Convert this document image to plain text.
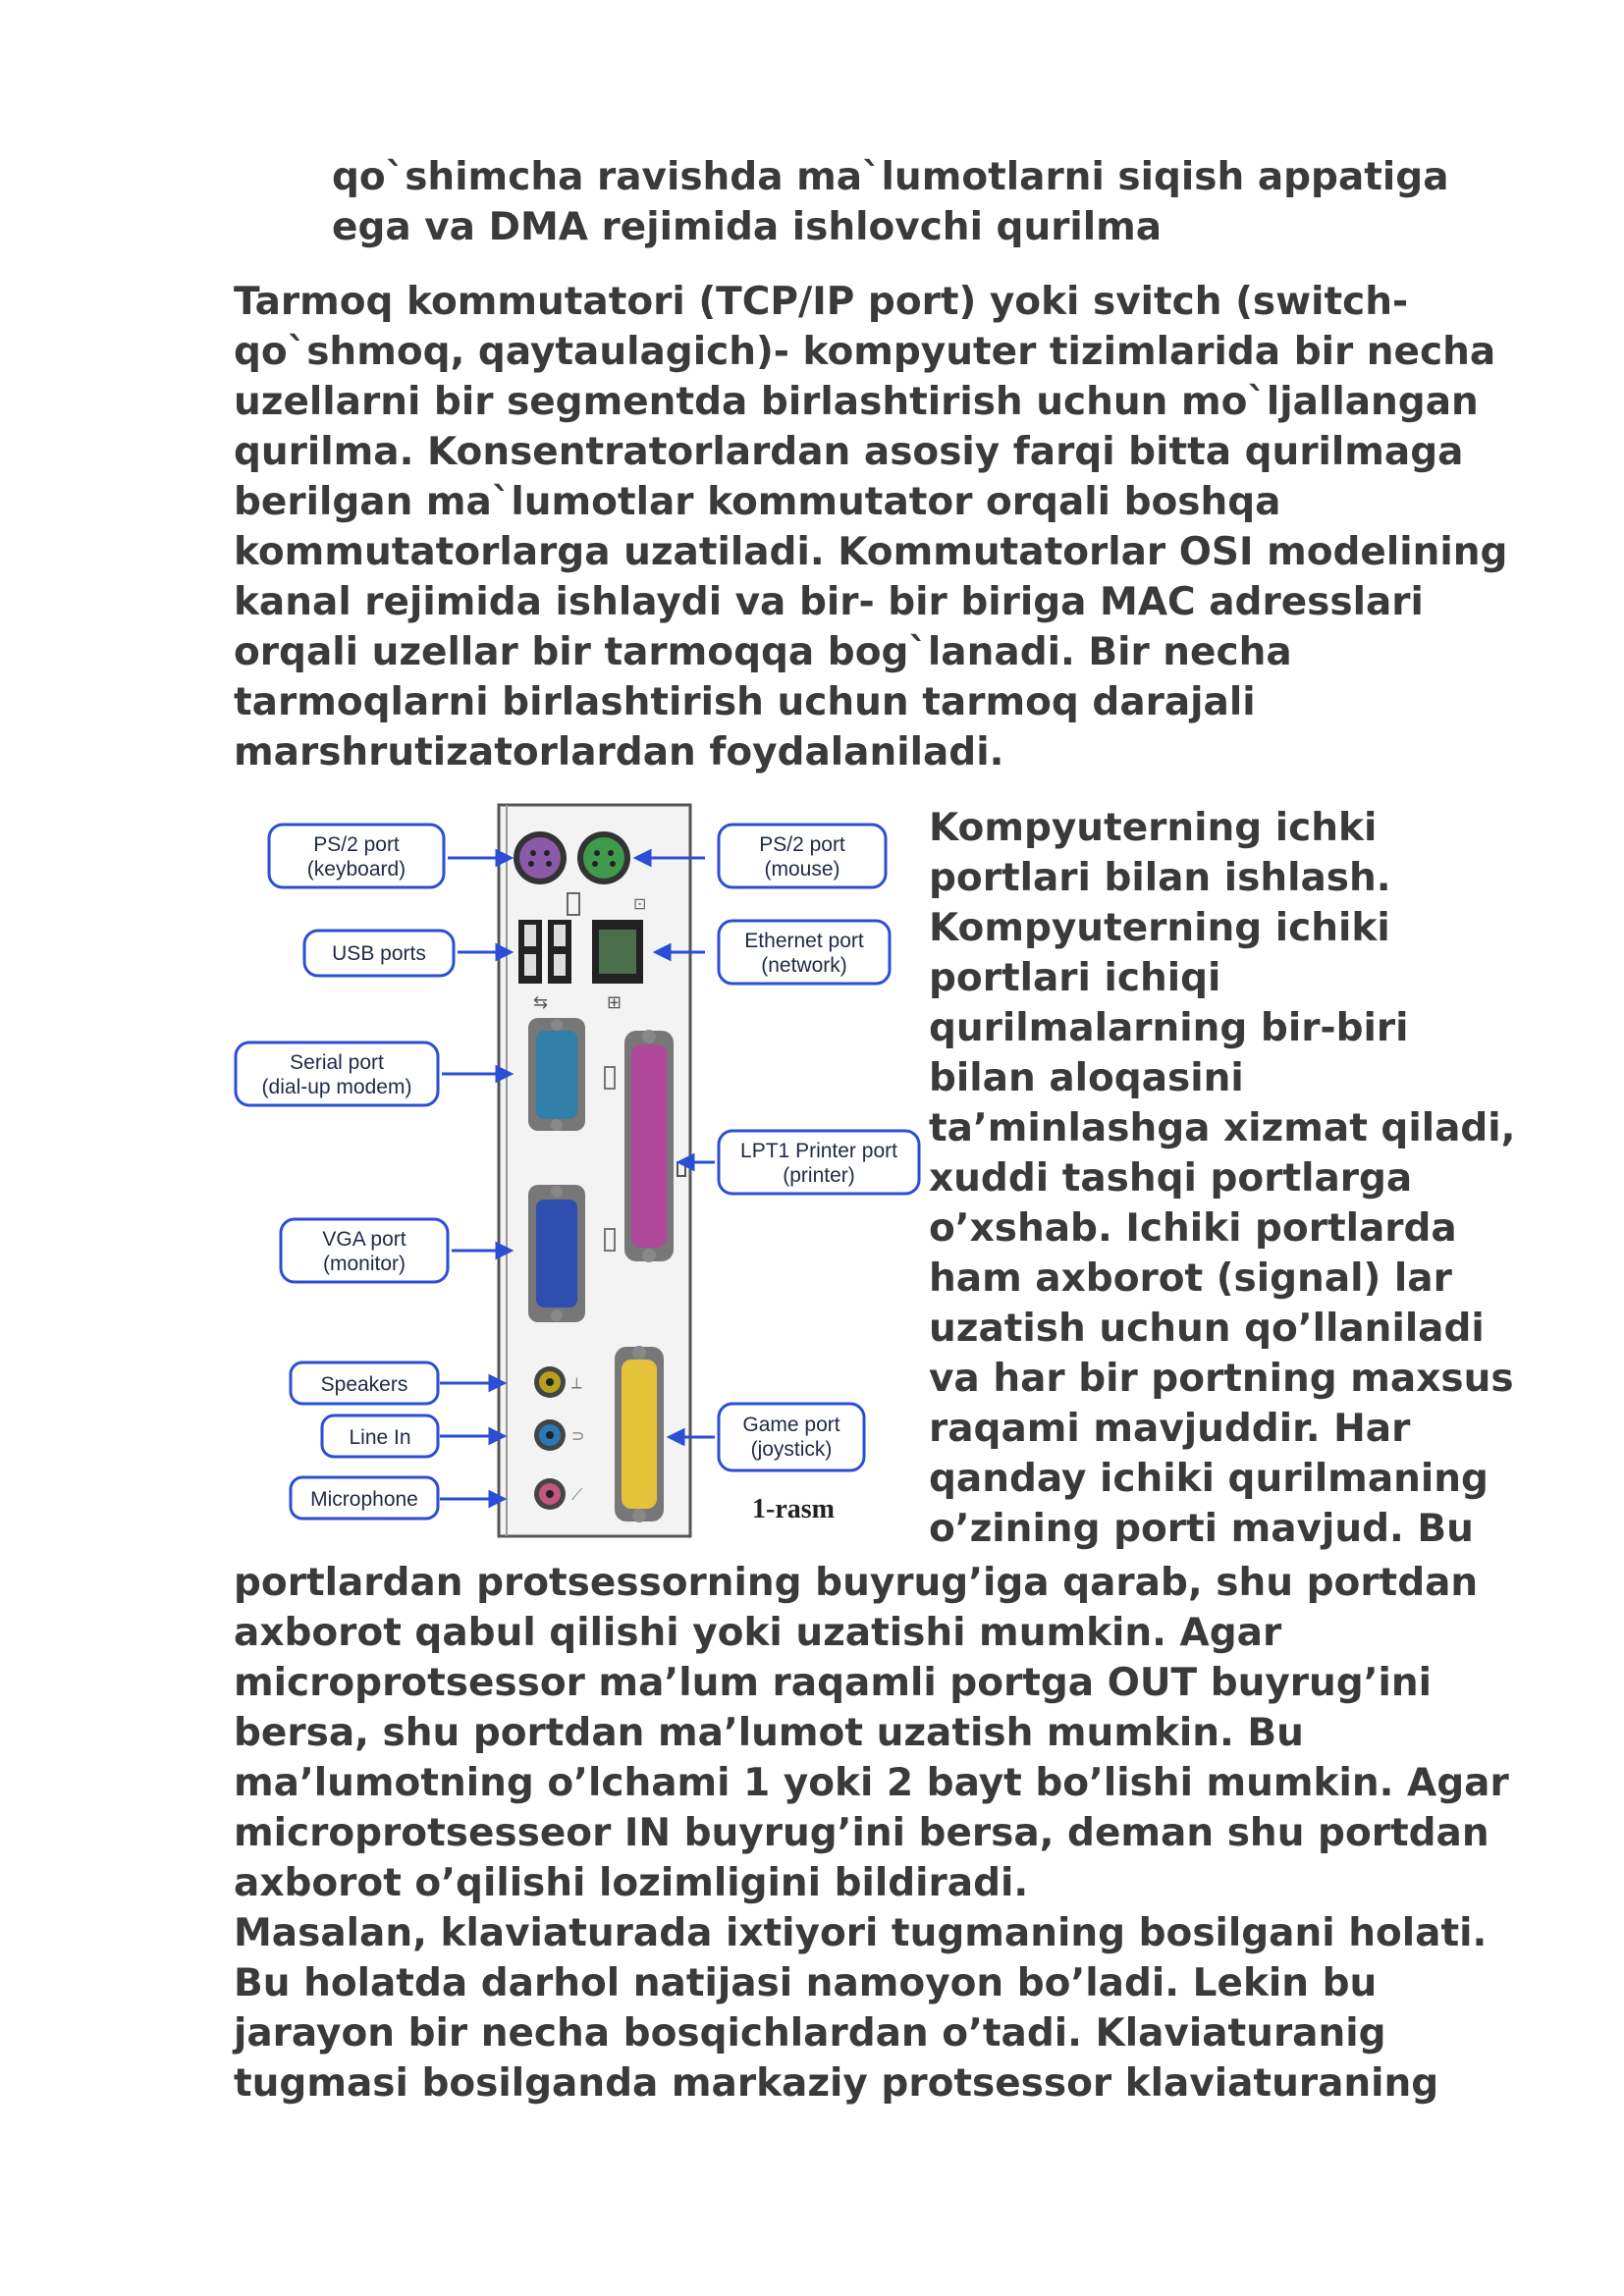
qo`shimcha ravishda ma`lumotlarni siqish appatiga
ega va DMA rejimida ishlovchi qurilma
Tarmoq kommutatori (TCP/IP port) yoki svitch (switch-
qo`shmoq, qaytaulagich)- kompyuter tizimlarida bir necha
uzellarni bir segmentda birlashtirish uchun mo`ljallangan
qurilma. Konsentratorlardan asosiy farqi bitta qurilmaga
berilgan ma`lumotlar kommutator orqali boshqa
kommutatorlarga uzatiladi. Kommutatorlar OSI modelining
kanal rejimida ishlaydi va bir- bir biriga MAC adresslari
orqali uzellar bir tarmoqqa bog`lanadi. Bir necha
tarmoqlarni birlashtirish uchun tarmoq darajali
marshrutizatorlardan foydalaniladi.
⊡
⇆	⊞
⟂
⊃
⟋
PS/2 port
(keyboard)
PS/2 port
(mouse)
USB ports
Ethernet port
(network)
Serial port
(dial-up modem)
LPT1 Printer port
(printer)
VGA port
(monitor)
Speakers
Line In
Microphone
Game port
(joystick)
1-rasm
Kompyuterning ichki
portlari bilan ishlash.
Kompyuterning ichiki
portlari ichiqi
qurilmalarning bir-biri
bilan aloqasini
ta’minlashga xizmat qiladi,
xuddi tashqi portlarga
o’xshab. Ichiki portlarda
ham axborot (signal) lar
uzatish uchun qo’llaniladi
va har bir portning maxsus
raqami mavjuddir. Har
qanday ichiki qurilmaning
o’zining porti mavjud. Bu
portlardan protsessorning buyrug’iga qarab, shu portdan
axborot qabul qilishi yoki uzatishi mumkin. Agar
microprotsessor ma’lum raqamli portga OUT buyrug’ini
bersa, shu portdan ma’lumot uzatish mumkin. Bu
ma’lumotning o’lchami 1 yoki 2 bayt bo’lishi mumkin. Agar
microprotsesseor IN buyrug’ini bersa, deman shu portdan
axborot o’qilishi lozimligini bildiradi.
Masalan, klaviaturada ixtiyori tugmaning bosilgani holati.
Bu holatda darhol natijasi namoyon bo’ladi. Lekin bu
jarayon bir necha bosqichlardan o’tadi. Klaviaturanig
tugmasi bosilganda markaziy protsessor klaviaturaning
